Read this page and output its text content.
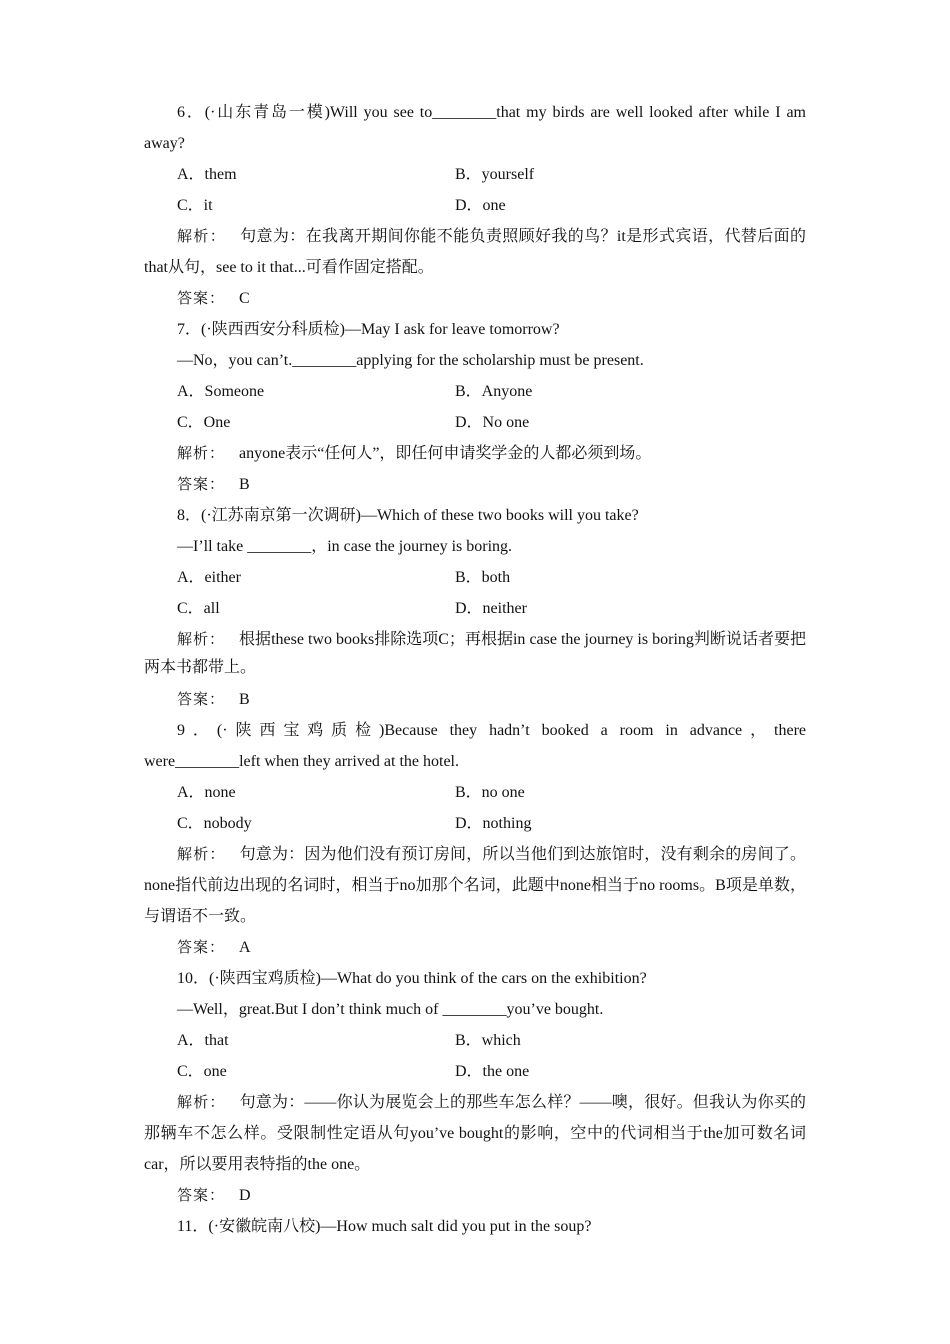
6．(·山东青岛一模)Will you see to________that my birds are well looked after while I am
away?
A．them	B．yourself
C．it	D．one
解析： 句意为：在我离开期间你能不能负责照顾好我的鸟？it是形式宾语，代替后面的that从句，see to it that...可看作固定搭配。
答案： C
7．(·陕西西安分科质检)—May I ask for leave tomorrow?
—No，you can’t.________applying for the scholarship must be present.
A．Someone	B．Anyone
C．One	D．No one
解析： anyone表示“任何人”，即任何申请奖学金的人都必须到场。
答案： B
8．(·江苏南京第一次调研)—Which of these two books will you take?
—I’ll take ________，in case the journey is boring.
A．either	B．both
C．all	D．neither
解析： 根据these two books排除选项C；再根据in case the journey is boring判断说话者要把两本书都带上。
答案： B
9．(·陕西宝鸡质检)Because they hadn’t booked a room in advance，there
were________left when they arrived at the hotel.
A．none	B．no one
C．nobody	D．nothing
解析： 句意为：因为他们没有预订房间，所以当他们到达旅馆时，没有剩余的房间了。none指代前边出现的名词时，相当于no加那个名词，此题中none相当于no rooms。B项是单数，与谓语不一致。
答案： A
10．(·陕西宝鸡质检)—What do you think of the cars on the exhibition?
—Well，great.But I don’t think much of ________you’ve bought.
A．that	B．which
C．one	D．the one
解析： 句意为：——你认为展览会上的那些车怎么样？——噢，很好。但我认为你买的那辆车不怎么样。受限制性定语从句you’ve bought的影响，空中的代词相当于the加可数名词car，所以要用表特指的the one。
答案： D
11．(·安徽皖南八校)—How much salt did you put in the soup?
